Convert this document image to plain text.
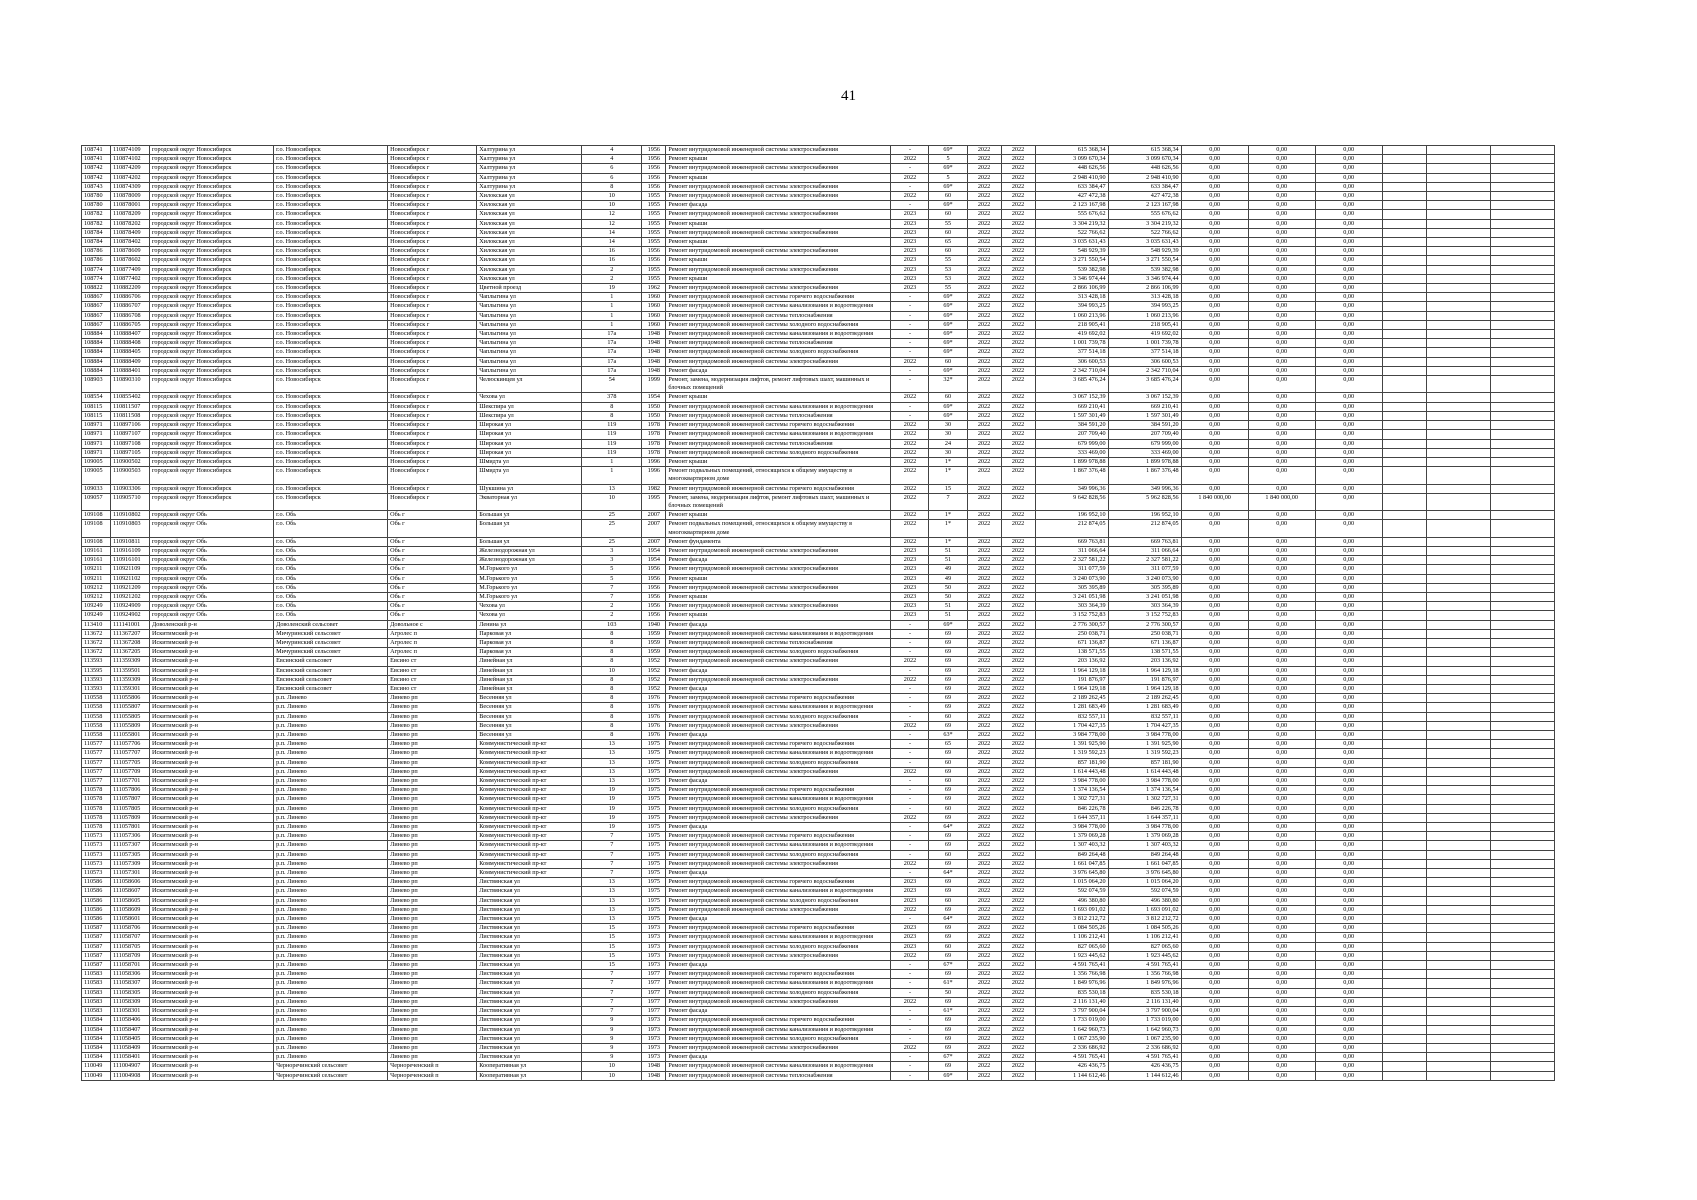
41
108741	110874109	городской округ Новосибирск	г.о. Новосибирск	Новосибирск г	Халтурина ул	4	1956	Ремонт внутридомовой инженерной системы электроснабжения	-	69*	2022	2022	615 368,34	615 368,34	0,00	0,00	0,00			
108741	110874102	городской округ Новосибирск	г.о. Новосибирск	Новосибирск г	Халтурина ул	4	1956	Ремонт крыши	2022	5	2022	2022	3 099 670,34	3 099 670,34	0,00	0,00	0,00			
108742	110874209	городской округ Новосибирск	г.о. Новосибирск	Новосибирск г	Халтурина ул	6	1956	Ремонт внутридомовой инженерной системы электроснабжения	-	69*	2022	2022	448 626,56	448 626,56	0,00	0,00	0,00			
108742	110874202	городской округ Новосибирск	г.о. Новосибирск	Новосибирск г	Халтурина ул	6	1956	Ремонт крыши	2022	5	2022	2022	2 948 410,90	2 948 410,90	0,00	0,00	0,00			
108743	110874309	городской округ Новосибирск	г.о. Новосибирск	Новосибирск г	Халтурина ул	8	1956	Ремонт внутридомовой инженерной системы электроснабжения	-	69*	2022	2022	633 384,47	633 384,47	0,00	0,00	0,00			
108780	110878009	городской округ Новосибирск	г.о. Новосибирск	Новосибирск г	Хилокская ул	10	1955	Ремонт внутридомовой инженерной системы электроснабжения	2022	60	2022	2022	427 472,38	427 472,38	0,00	0,00	0,00			
108780	110878001	городской округ Новосибирск	г.о. Новосибирск	Новосибирск г	Хилокская ул	10	1955	Ремонт фасада	-	69*	2022	2022	2 123 167,98	2 123 167,98	0,00	0,00	0,00			
108782	110878209	городской округ Новосибирск	г.о. Новосибирск	Новосибирск г	Хилокская ул	12	1955	Ремонт внутридомовой инженерной системы электроснабжения	2023	60	2022	2022	555 676,62	555 676,62	0,00	0,00	0,00			
108782	110878202	городской округ Новосибирск	г.о. Новосибирск	Новосибирск г	Хилокская ул	12	1955	Ремонт крыши	2023	55	2022	2022	3 304 219,32	3 304 219,32	0,00	0,00	0,00			
108784	110878409	городской округ Новосибирск	г.о. Новосибирск	Новосибирск г	Хилокская ул	14	1955	Ремонт внутридомовой инженерной системы электроснабжения	2023	60	2022	2022	522 766,62	522 766,62	0,00	0,00	0,00			
108784	110878402	городской округ Новосибирск	г.о. Новосибирск	Новосибирск г	Хилокская ул	14	1955	Ремонт крыши	2023	65	2022	2022	3 035 631,43	3 035 631,43	0,00	0,00	0,00			
108786	110878609	городской округ Новосибирск	г.о. Новосибирск	Новосибирск г	Хилокская ул	16	1956	Ремонт внутридомовой инженерной системы электроснабжения	2023	60	2022	2022	548 929,39	548 929,39	0,00	0,00	0,00			
108786	110878602	городской округ Новосибирск	г.о. Новосибирск	Новосибирск г	Хилокская ул	16	1956	Ремонт крыши	2023	55	2022	2022	3 271 550,54	3 271 550,54	0,00	0,00	0,00			
108774	110877409	городской округ Новосибирск	г.о. Новосибирск	Новосибирск г	Хилокская ул	2	1955	Ремонт внутридомовой инженерной системы электроснабжения	2023	53	2022	2022	539 382,98	539 382,98	0,00	0,00	0,00			
108774	110877402	городской округ Новосибирск	г.о. Новосибирск	Новосибирск г	Хилокская ул	2	1955	Ремонт крыши	2023	53	2022	2022	3 346 974,44	3 346 974,44	0,00	0,00	0,00			
108822	110882209	городской округ Новосибирск	г.о. Новосибирск	Новосибирск г	Цветной проезд	19	1962	Ремонт внутридомовой инженерной системы электроснабжения	2023	55	2022	2022	2 866 106,99	2 866 106,99	0,00	0,00	0,00			
108867	110886706	городской округ Новосибирск	г.о. Новосибирск	Новосибирск г	Чаплыгина ул	1	1960	Ремонт внутридомовой инженерной системы горячего водоснабжения	-	69*	2022	2022	313 428,18	313 428,18	0,00	0,00	0,00			
108867	110886707	городской округ Новосибирск	г.о. Новосибирск	Новосибирск г	Чаплыгина ул	1	1960	Ремонт внутридомовой инженерной системы канализования и водоотведения	-	69*	2022	2022	394 993,25	394 993,25	0,00	0,00	0,00			
108867	110886708	городской округ Новосибирск	г.о. Новосибирск	Новосибирск г	Чаплыгина ул	1	1960	Ремонт внутридомовой инженерной системы теплоснабжения	-	69*	2022	2022	1 060 213,96	1 060 213,96	0,00	0,00	0,00			
108867	110886705	городской округ Новосибирск	г.о. Новосибирск	Новосибирск г	Чаплыгина ул	1	1960	Ремонт внутридомовой инженерной системы холодного водоснабжения	-	69*	2022	2022	218 905,41	218 905,41	0,00	0,00	0,00			
108884	110888407	городской округ Новосибирск	г.о. Новосибирск	Новосибирск г	Чаплыгина ул	17а	1948	Ремонт внутридомовой инженерной системы канализования и водоотведения	-	69*	2022	2022	419 692,02	419 692,02	0,00	0,00	0,00			
108884	110888408	городской округ Новосибирск	г.о. Новосибирск	Новосибирск г	Чаплыгина ул	17а	1948	Ремонт внутридомовой инженерной системы теплоснабжения	-	69*	2022	2022	1 001 739,78	1 001 739,78	0,00	0,00	0,00			
108884	110888405	городской округ Новосибирск	г.о. Новосибирск	Новосибирск г	Чаплыгина ул	17а	1948	Ремонт внутридомовой инженерной системы холодного водоснабжения	-	69*	2022	2022	377 514,18	377 514,18	0,00	0,00	0,00			
108884	110888409	городской округ Новосибирск	г.о. Новосибирск	Новосибирск г	Чаплыгина ул	17а	1948	Ремонт внутридомовой инженерной системы электроснабжения	2022	60	2022	2022	306 600,53	306 600,53	0,00	0,00	0,00			
108884	110888401	городской округ Новосибирск	г.о. Новосибирск	Новосибирск г	Чаплыгина ул	17а	1948	Ремонт фасада	-	69*	2022	2022	2 342 710,04	2 342 710,04	0,00	0,00	0,00			
108903	110890310	городской округ Новосибирск	г.о. Новосибирск	Новосибирск г	Челюскинцев ул	54	1999	Ремонт, замена, модернизация лифтов, ремонт лифтовых шахт, машинных и блочных помещений	-	32*	2022	2022	3 685 476,24	3 685 476,24	0,00	0,00	0,00			
108554	110855402	городской округ Новосибирск	г.о. Новосибирск	Новосибирск г	Чехова ул	378	1954	Ремонт крыши	2022	60	2022	2022	3 067 152,39	3 067 152,39	0,00	0,00	0,00			
108115	110811507	городской округ Новосибирск	г.о. Новосибирск	Новосибирск г	Шекспира ул	8	1950	Ремонт внутридомовой инженерной системы канализования и водоотведения	-	69*	2022	2022	669 210,41	669 210,41	0,00	0,00	0,00			
108115	110811508	городской округ Новосибирск	г.о. Новосибирск	Новосибирск г	Шекспира ул	8	1950	Ремонт внутридомовой инженерной системы теплоснабжения	-	69*	2022	2022	1 597 301,49	1 597 301,49	0,00	0,00	0,00			
108971	110897106	городской округ Новосибирск	г.о. Новосибирск	Новосибирск г	Широкая ул	119	1978	Ремонт внутридомовой инженерной системы горячего водоснабжения	2022	30	2022	2022	384 591,20	384 591,20	0,00	0,00	0,00			
108971	110897107	городской округ Новосибирск	г.о. Новосибирск	Новосибирск г	Широкая ул	119	1978	Ремонт внутридомовой инженерной системы канализования и водоотведения	2022	30	2022	2022	207 709,40	207 709,40	0,00	0,00	0,00			
108971	110897108	городской округ Новосибирск	г.о. Новосибирск	Новосибирск г	Широкая ул	119	1978	Ремонт внутридомовой инженерной системы теплоснабжения	2022	24	2022	2022	679 999,00	679 999,00	0,00	0,00	0,00			
108971	110897105	городской округ Новосибирск	г.о. Новосибирск	Новосибирск г	Широкая ул	119	1978	Ремонт внутридомовой инженерной системы холодного водоснабжения	2022	30	2022	2022	333 469,00	333 469,00	0,00	0,00	0,00			
109005	110900502	городской округ Новосибирск	г.о. Новосибирск	Новосибирск г	Шмидта ул	1	1996	Ремонт крыши	2022	1*	2022	2022	1 899 978,88	1 899 978,88	0,00	0,00	0,00			
109005	110900503	городской округ Новосибирск	г.о. Новосибирск	Новосибирск г	Шмидта ул	1	1996	Ремонт подвальных помещений, относящихся к общему имуществу в многоквартирном доме	2022	1*	2022	2022	1 867 376,48	1 867 376,48	0,00	0,00	0,00			
109033	110903306	городской округ Новосибирск	г.о. Новосибирск	Новосибирск г	Шукшина ул	13	1982	Ремонт внутридомовой инженерной системы горячего водоснабжения	2022	15	2022	2022	349 996,36	349 996,36	0,00	0,00	0,00			
109057	110905710	городской округ Новосибирск	г.о. Новосибирск	Новосибирск г	Экваторная ул	10	1995	Ремонт, замена, модернизация лифтов, ремонт лифтовых шахт, машинных и блочных помещений	2022	7	2022	2022	9 642 828,56	5 962 828,56	1 840 000,00	1 840 000,00	0,00			
109108	110910802	городской округ Обь	г.о. Обь	Обь г	Большая ул	25	2007	Ремонт крыши	2022	1*	2022	2022	196 952,10	196 952,10	0,00	0,00	0,00			
109108	110910803	городской округ Обь	г.о. Обь	Обь г	Большая ул	25	2007	Ремонт подвальных помещений, относящихся к общему имуществу в многоквартирном доме	2022	1*	2022	2022	212 874,05	212 874,05	0,00	0,00	0,00			
109108	110910811	городской округ Обь	г.о. Обь	Обь г	Большая ул	25	2007	Ремонт фундамента	2022	1*	2022	2022	669 763,81	669 763,81	0,00	0,00	0,00			
109161	110916109	городской округ Обь	г.о. Обь	Обь г	Железнодорожная ул	3	1954	Ремонт внутридомовой инженерной системы электроснабжения	2023	51	2022	2022	311 066,64	311 066,64	0,00	0,00	0,00			
109161	110916101	городской округ Обь	г.о. Обь	Обь г	Железнодорожная ул	3	1954	Ремонт фасада	2023	51	2022	2022	2 327 581,22	2 327 581,22	0,00	0,00	0,00			
109211	110921109	городской округ Обь	г.о. Обь	Обь г	М.Горького ул	5	1956	Ремонт внутридомовой инженерной системы электроснабжения	2023	49	2022	2022	311 077,59	311 077,59	0,00	0,00	0,00			
109211	110921102	городской округ Обь	г.о. Обь	Обь г	М.Горького ул	5	1956	Ремонт крыши	2023	49	2022	2022	3 240 073,90	3 240 073,90	0,00	0,00	0,00			
109212	110921209	городской округ Обь	г.о. Обь	Обь г	М.Горького ул	7	1956	Ремонт внутридомовой инженерной системы электроснабжения	2023	50	2022	2022	305 395,89	305 395,89	0,00	0,00	0,00			
109212	110921202	городской округ Обь	г.о. Обь	Обь г	М.Горького ул	7	1956	Ремонт крыши	2023	50	2022	2022	3 241 051,98	3 241 051,98	0,00	0,00	0,00			
109249	110924909	городской округ Обь	г.о. Обь	Обь г	Чехова ул	2	1956	Ремонт внутридомовой инженерной системы электроснабжения	2023	51	2022	2022	303 364,39	303 364,39	0,00	0,00	0,00			
109249	110924902	городской округ Обь	г.о. Обь	Обь г	Чехова ул	2	1956	Ремонт крыши	2023	51	2022	2022	3 152 752,83	3 152 752,83	0,00	0,00	0,00			
113410	111141001	Доволенский р-н	Доволенский сельсовет	Довольное с	Ленина ул	103	1940	Ремонт фасада	-	69*	2022	2022	2 776 300,57	2 776 300,57	0,00	0,00	0,00			
113672	111367207	Искитимский р-н	Мичуринский сельсовет	Агролес п	Парковая ул	8	1959	Ремонт внутридомовой инженерной системы канализования и водоотведения	-	69	2022	2022	250 038,71	250 038,71	0,00	0,00	0,00			
113672	111367208	Искитимский р-н	Мичуринский сельсовет	Агролес п	Парковая ул	8	1959	Ремонт внутридомовой инженерной системы теплоснабжения	-	69	2022	2022	671 136,87	671 136,87	0,00	0,00	0,00			
113672	111367205	Искитимский р-н	Мичуринский сельсовет	Агролес п	Парковая ул	8	1959	Ремонт внутридомовой инженерной системы холодного водоснабжения	-	69	2022	2022	138 571,55	138 571,55	0,00	0,00	0,00			
113593	111359309	Искитимский р-н	Евсинский сельсовет	Евсино ст	Линейная ул	8	1952	Ремонт внутридомовой инженерной системы электроснабжения	2022	69	2022	2022	203 136,92	203 136,92	0,00	0,00	0,00			
113595	111359501	Искитимский р-н	Евсинский сельсовет	Евсино ст	Линейная ул	10	1952	Ремонт фасада	-	69	2022	2022	1 964 129,18	1 964 129,18	0,00	0,00	0,00			
113593	111359309	Искитимский р-н	Евсинский сельсовет	Евсино ст	Линейная ул	8	1952	Ремонт внутридомовой инженерной системы электроснабжения	2022	69	2022	2022	191 876,97	191 876,97	0,00	0,00	0,00			
113593	111359301	Искитимский р-н	Евсинский сельсовет	Евсино ст	Линейная ул	8	1952	Ремонт фасада	-	69	2022	2022	1 964 129,18	1 964 129,18	0,00	0,00	0,00			
110558	111055806	Искитимский р-н	р.п. Линево	Линево рп	Весенняя ул	8	1976	Ремонт внутридомовой инженерной системы горячего водоснабжения	-	69	2022	2022	2 189 262,45	2 189 262,45	0,00	0,00	0,00			
110558	111055807	Искитимский р-н	р.п. Линево	Линево рп	Весенняя ул	8	1976	Ремонт внутридомовой инженерной системы канализования и водоотведения	-	69	2022	2022	1 281 683,49	1 281 683,49	0,00	0,00	0,00			
110558	111055805	Искитимский р-н	р.п. Линево	Линево рп	Весенняя ул	8	1976	Ремонт внутридомовой инженерной системы холодного водоснабжения	-	60	2022	2022	832 557,11	832 557,11	0,00	0,00	0,00			
110558	111055809	Искитимский р-н	р.п. Линево	Линево рп	Весенняя ул	8	1976	Ремонт внутридомовой инженерной системы электроснабжения	2022	69	2022	2022	1 704 427,35	1 704 427,35	0,00	0,00	0,00			
110558	111055801	Искитимский р-н	р.п. Линево	Линево рп	Весенняя ул	8	1976	Ремонт фасада	-	63*	2022	2022	3 984 778,00	3 984 778,00	0,00	0,00	0,00			
110577	111057706	Искитимский р-н	р.п. Линево	Линево рп	Коммунистический пр-кт	13	1975	Ремонт внутридомовой инженерной системы горячего водоснабжения	-	65	2022	2022	1 391 925,90	1 391 925,90	0,00	0,00	0,00			
110577	111057707	Искитимский р-н	р.п. Линево	Линево рп	Коммунистический пр-кт	13	1975	Ремонт внутридомовой инженерной системы канализования и водоотведения	-	69	2022	2022	1 319 592,23	1 319 592,23	0,00	0,00	0,00			
110577	111057705	Искитимский р-н	р.п. Линево	Линево рп	Коммунистический пр-кт	13	1975	Ремонт внутридомовой инженерной системы холодного водоснабжения	-	60	2022	2022	857 181,90	857 181,90	0,00	0,00	0,00			
110577	111057709	Искитимский р-н	р.п. Линево	Линево рп	Коммунистический пр-кт	13	1975	Ремонт внутридомовой инженерной системы электроснабжения	2022	69	2022	2022	1 614 443,48	1 614 443,48	0,00	0,00	0,00			
110577	111057701	Искитимский р-н	р.п. Линево	Линево рп	Коммунистический пр-кт	13	1975	Ремонт фасада	-	60	2022	2022	3 984 778,00	3 984 778,00	0,00	0,00	0,00			
110578	111057806	Искитимский р-н	р.п. Линево	Линево рп	Коммунистический пр-кт	19	1975	Ремонт внутридомовой инженерной системы горячего водоснабжения	-	69	2022	2022	1 374 136,54	1 374 136,54	0,00	0,00	0,00			
110578	111057807	Искитимский р-н	р.п. Линево	Линево рп	Коммунистический пр-кт	19	1975	Ремонт внутридомовой инженерной системы канализования и водоотведения	-	69	2022	2022	1 302 727,31	1 302 727,31	0,00	0,00	0,00			
110578	111057805	Искитимский р-н	р.п. Линево	Линево рп	Коммунистический пр-кт	19	1975	Ремонт внутридомовой инженерной системы холодного водоснабжения	-	60	2022	2022	846 226,78	846 226,78	0,00	0,00	0,00			
110578	111057809	Искитимский р-н	р.п. Линево	Линево рп	Коммунистический пр-кт	19	1975	Ремонт внутридомовой инженерной системы электроснабжения	2022	69	2022	2022	1 644 357,11	1 644 357,11	0,00	0,00	0,00			
110578	111057801	Искитимский р-н	р.п. Линево	Линево рп	Коммунистический пр-кт	19	1975	Ремонт фасада	-	64*	2022	2022	3 984 778,00	3 984 778,00	0,00	0,00	0,00			
110573	111057306	Искитимский р-н	р.п. Линево	Линево рп	Коммунистический пр-кт	7	1975	Ремонт внутридомовой инженерной системы горячего водоснабжения	-	69	2022	2022	1 379 069,28	1 379 069,28	0,00	0,00	0,00			
110573	111057307	Искитимский р-н	р.п. Линево	Линево рп	Коммунистический пр-кт	7	1975	Ремонт внутридомовой инженерной системы канализования и водоотведения	-	69	2022	2022	1 307 403,32	1 307 403,32	0,00	0,00	0,00			
110573	111057305	Искитимский р-н	р.п. Линево	Линево рп	Коммунистический пр-кт	7	1975	Ремонт внутридомовой инженерной системы холодного водоснабжения	-	60	2022	2022	849 264,48	849 264,48	0,00	0,00	0,00			
110573	111057309	Искитимский р-н	р.п. Линево	Линево рп	Коммунистический пр-кт	7	1975	Ремонт внутридомовой инженерной системы электроснабжения	2022	69	2022	2022	1 661 047,85	1 661 047,85	0,00	0,00	0,00			
110573	111057301	Искитимский р-н	р.п. Линево	Линево рп	Коммунистический пр-кт	7	1975	Ремонт фасада	-	64*	2022	2022	3 976 645,80	3 976 645,80	0,00	0,00	0,00			
110586	111058606	Искитимский р-н	р.п. Линево	Линево рп	Листвянская ул	13	1975	Ремонт внутридомовой инженерной системы горячего водоснабжения	2023	69	2022	2022	1 015 064,20	1 015 064,20	0,00	0,00	0,00			
110586	111058607	Искитимский р-н	р.п. Линево	Линево рп	Листвянская ул	13	1975	Ремонт внутридомовой инженерной системы канализования и водоотведения	2023	69	2022	2022	592 074,59	592 074,59	0,00	0,00	0,00			
110586	111058605	Искитимский р-н	р.п. Линево	Линево рп	Листвянская ул	13	1975	Ремонт внутридомовой инженерной системы холодного водоснабжения	2023	60	2022	2022	496 380,80	496 380,80	0,00	0,00	0,00			
110586	111058609	Искитимский р-н	р.п. Линево	Линево рп	Листвянская ул	13	1975	Ремонт внутридомовой инженерной системы электроснабжения	2022	69	2022	2022	1 693 091,02	1 693 091,02	0,00	0,00	0,00			
110586	111058601	Искитимский р-н	р.п. Линево	Линево рп	Листвянская ул	13	1975	Ремонт фасада	-	64*	2022	2022	3 812 212,72	3 812 212,72	0,00	0,00	0,00			
110587	111058706	Искитимский р-н	р.п. Линево	Линево рп	Листвянская ул	15	1973	Ремонт внутридомовой инженерной системы горячего водоснабжения	2023	69	2022	2022	1 084 505,26	1 084 505,26	0,00	0,00	0,00			
110587	111058707	Искитимский р-н	р.п. Линево	Линево рп	Листвянская ул	15	1973	Ремонт внутридомовой инженерной системы канализования и водоотведения	2023	69	2022	2022	1 106 212,41	1 106 212,41	0,00	0,00	0,00			
110587	111058705	Искитимский р-н	р.п. Линево	Линево рп	Листвянская ул	15	1973	Ремонт внутридомовой инженерной системы холодного водоснабжения	2023	60	2022	2022	827 065,60	827 065,60	0,00	0,00	0,00			
110587	111058709	Искитимский р-н	р.п. Линево	Линево рп	Листвянская ул	15	1973	Ремонт внутридомовой инженерной системы электроснабжения	2022	69	2022	2022	1 923 445,62	1 923 445,62	0,00	0,00	0,00			
110587	111058701	Искитимский р-н	р.п. Линево	Линево рп	Листвянская ул	15	1973	Ремонт фасада	-	67*	2022	2022	4 591 765,41	4 591 765,41	0,00	0,00	0,00			
110583	111058306	Искитимский р-н	р.п. Линево	Линево рп	Листвянская ул	7	1977	Ремонт внутридомовой инженерной системы горячего водоснабжения	-	69	2022	2022	1 356 766,98	1 356 766,98	0,00	0,00	0,00			
110583	111058307	Искитимский р-н	р.п. Линево	Линево рп	Листвянская ул	7	1977	Ремонт внутридомовой инженерной системы канализования и водоотведения	-	61*	2022	2022	1 849 976,96	1 849 976,96	0,00	0,00	0,00			
110583	111058305	Искитимский р-н	р.п. Линево	Линево рп	Листвянская ул	7	1977	Ремонт внутридомовой инженерной системы холодного водоснабжения	-	50	2022	2022	835 530,18	835 530,18	0,00	0,00	0,00			
110583	111058309	Искитимский р-н	р.п. Линево	Линево рп	Листвянская ул	7	1977	Ремонт внутридомовой инженерной системы электроснабжения	2022	69	2022	2022	2 116 131,40	2 116 131,40	0,00	0,00	0,00			
110583	111058301	Искитимский р-н	р.п. Линево	Линево рп	Листвянская ул	7	1977	Ремонт фасада	-	61*	2022	2022	3 797 900,04	3 797 900,04	0,00	0,00	0,00			
110584	111058406	Искитимский р-н	р.п. Линево	Линево рп	Листвянская ул	9	1973	Ремонт внутридомовой инженерной системы горячего водоснабжения	-	69	2022	2022	1 733 019,00	1 733 019,00	0,00	0,00	0,00			
110584	111058407	Искитимский р-н	р.п. Линево	Линево рп	Листвянская ул	9	1973	Ремонт внутридомовой инженерной системы канализования и водоотведения	-	69	2022	2022	1 642 960,73	1 642 960,73	0,00	0,00	0,00			
110584	111058405	Искитимский р-н	р.п. Линево	Линево рп	Листвянская ул	9	1973	Ремонт внутридомовой инженерной системы холодного водоснабжения	-	69	2022	2022	1 067 235,90	1 067 235,90	0,00	0,00	0,00			
110584	111058409	Искитимский р-н	р.п. Линево	Линево рп	Листвянская ул	9	1973	Ремонт внутридомовой инженерной системы электроснабжения	2022	69	2022	2022	2 336 686,92	2 336 686,92	0,00	0,00	0,00			
110584	111058401	Искитимский р-н	р.п. Линево	Линево рп	Листвянская ул	9	1973	Ремонт фасада	-	67*	2022	2022	4 591 765,41	4 591 765,41	0,00	0,00	0,00			
110049	111004907	Искитимский р-н	Черноречинский сельсовет	Чернореченский п	Кооперативная ул	10	1948	Ремонт внутридомовой инженерной системы канализования и водоотведения	-	69	2022	2022	426 436,75	426 436,75	0,00	0,00	0,00			
110049	111004908	Искитимский р-н	Черноречинский сельсовет	Чернореченский п	Кооперативная ул	10	1948	Ремонт внутридомовой инженерной системы теплоснабжения	-	69*	2022	2022	1 144 612,46	1 144 612,46	0,00	0,00	0,00			
